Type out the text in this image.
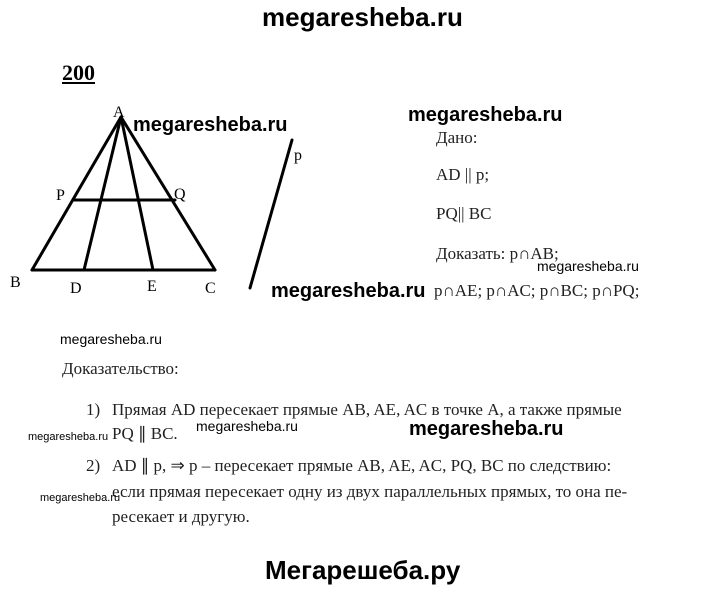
megaresheba.ru
200
A
B	C
D	E
P	Q
p
Дано:
AD || p;
PQ|| BC
Доказать: p∩AB;
p∩AE; p∩AC; p∩BC; p∩PQ;
Доказательство:
1) Прямая AD пересекает прямые AB, AE, AC в точке A, а также прямые
PQ ∥ BC.
2) AD ∥ p, ⇒ p – пересекает прямые AB, AE, AC, PQ, BC по следствию:
если прямая пересекает одну из двух параллельных прямых, то она пе-
ресекает и другую.
megaresheba.ru	megaresheba.ru
megaresheba.ru
megaresheba.ru
megaresheba.ru
megaresheba.ru	megaresheba.ru
megaresheba.ru
megaresheba.ru
Мегарешеба.ру
